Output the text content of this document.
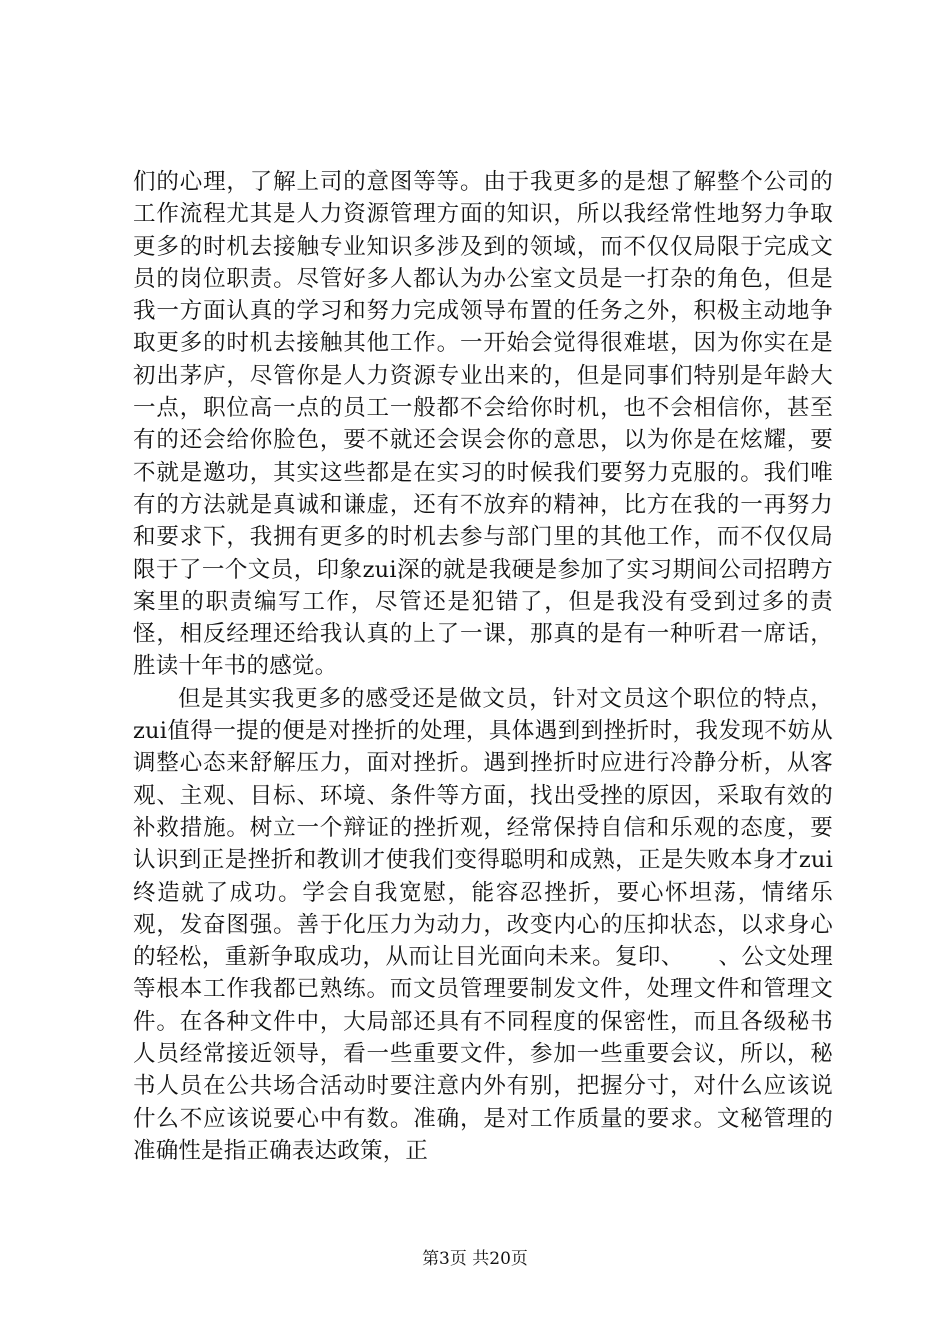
们的心理，了解上司的意图等等。由于我更多的是想了解整个公司的工作流程尤其是人力资源管理方面的知识，所以我经常性地努力争取更多的时机去接触专业知识多涉及到的领域，而不仅仅局限于完成文员的岗位职责。尽管好多人都认为办公室文员是一打杂的角色，但是我一方面认真的学习和努力完成领导布置的任务之外，积极主动地争取更多的时机去接触其他工作。一开始会觉得很难堪，因为你实在是初出茅庐，尽管你是人力资源专业出来的，但是同事们特别是年龄大一点，职位高一点的员工一般都不会给你时机，也不会相信你，甚至有的还会给你脸色，要不就还会误会你的意思，以为你是在炫耀，要不就是邀功，其实这些都是在实习的时候我们要努力克服的。我们唯有的方法就是真诚和谦虚，还有不放弃的精神，比方在我的一再努力和要求下，我拥有更多的时机去参与部门里的其他工作，而不仅仅局限于了一个文员，印象zui深的就是我硬是参加了实习期间公司招聘方案里的职责编写工作，尽管还是犯错了，但是我没有受到过多的责怪，相反经理还给我认真的上了一课，那真的是有一种听君一席话，胜读十年书的感觉。

但是其实我更多的感受还是做文员，针对文员这个职位的特点，zui值得一提的便是对挫折的处理，具体遇到到挫折时，我发现不妨从调整心态来舒解压力，面对挫折。遇到挫折时应进行冷静分析，从客观、主观、目标、环境、条件等方面，找出受挫的原因，采取有效的补救措施。树立一个辩证的挫折观，经常保持自信和乐观的态度，要认识到正是挫折和教训才使我们变得聪明和成熟，正是失败本身才zui终造就了成功。学会自我宽慰，能容忍挫折，要心怀坦荡，情绪乐观，发奋图强。善于化压力为动力，改变内心的压抑状态，以求身心的轻松，重新争取成功，从而让目光面向未来。复印、　　、公文处理等根本工作我都已熟练。而文员管理要制发文件，处理文件和管理文件。在各种文件中，大局部还具有不同程度的保密性，而且各级秘书人员经常接近领导，看一些重要文件，参加一些重要会议，所以，秘书人员在公共场合活动时要注意内外有别，把握分寸，对什么应该说什么不应该说要心中有数。准确，是对工作质量的要求。文秘管理的准确性是指正确表达政策，正

第3页 共20页
